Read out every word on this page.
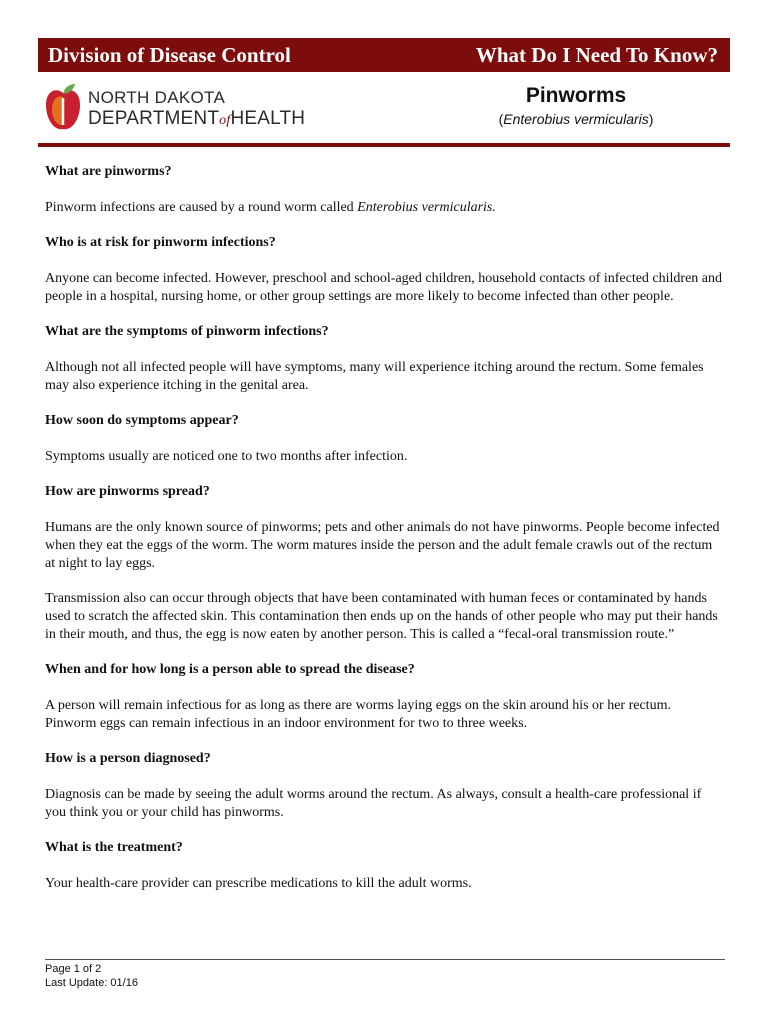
Division of Disease Control	What Do I Need To Know?
NORTH DAKOTA
DEPARTMENTofHEALTH
Pinworms
(Enterobius vermicularis)
What are pinworms?

Pinworm infections are caused by a round worm called Enterobius vermicularis.

Who is at risk for pinworm infections?

Anyone can become infected. However, preschool and school-aged children, household contacts of infected children and people in a hospital, nursing home, or other group settings are more likely to become infected than other people.

What are the symptoms of pinworm infections?

Although not all infected people will have symptoms, many will experience itching around the rectum. Some females may also experience itching in the genital area.

How soon do symptoms appear?

Symptoms usually are noticed one to two months after infection.

How are pinworms spread?

Humans are the only known source of pinworms; pets and other animals do not have pinworms. People become infected when they eat the eggs of the worm. The worm matures inside the person and the adult female crawls out of the rectum at night to lay eggs.

Transmission also can occur through objects that have been contaminated with human feces or contaminated by hands used to scratch the affected skin. This contamination then ends up on the hands of other people who may put their hands in their mouth, and thus, the egg is now eaten by another person. This is called a “fecal-oral transmission route.”

When and for how long is a person able to spread the disease?

A person will remain infectious for as long as there are worms laying eggs on the skin around his or her rectum. Pinworm eggs can remain infectious in an indoor environment for two to three weeks.

How is a person diagnosed?

Diagnosis can be made by seeing the adult worms around the rectum. As always, consult a health-care professional if you think you or your child has pinworms.

What is the treatment?

Your health-care provider can prescribe medications to kill the adult worms.

Page 1 of 2
Last Update: 01/16
